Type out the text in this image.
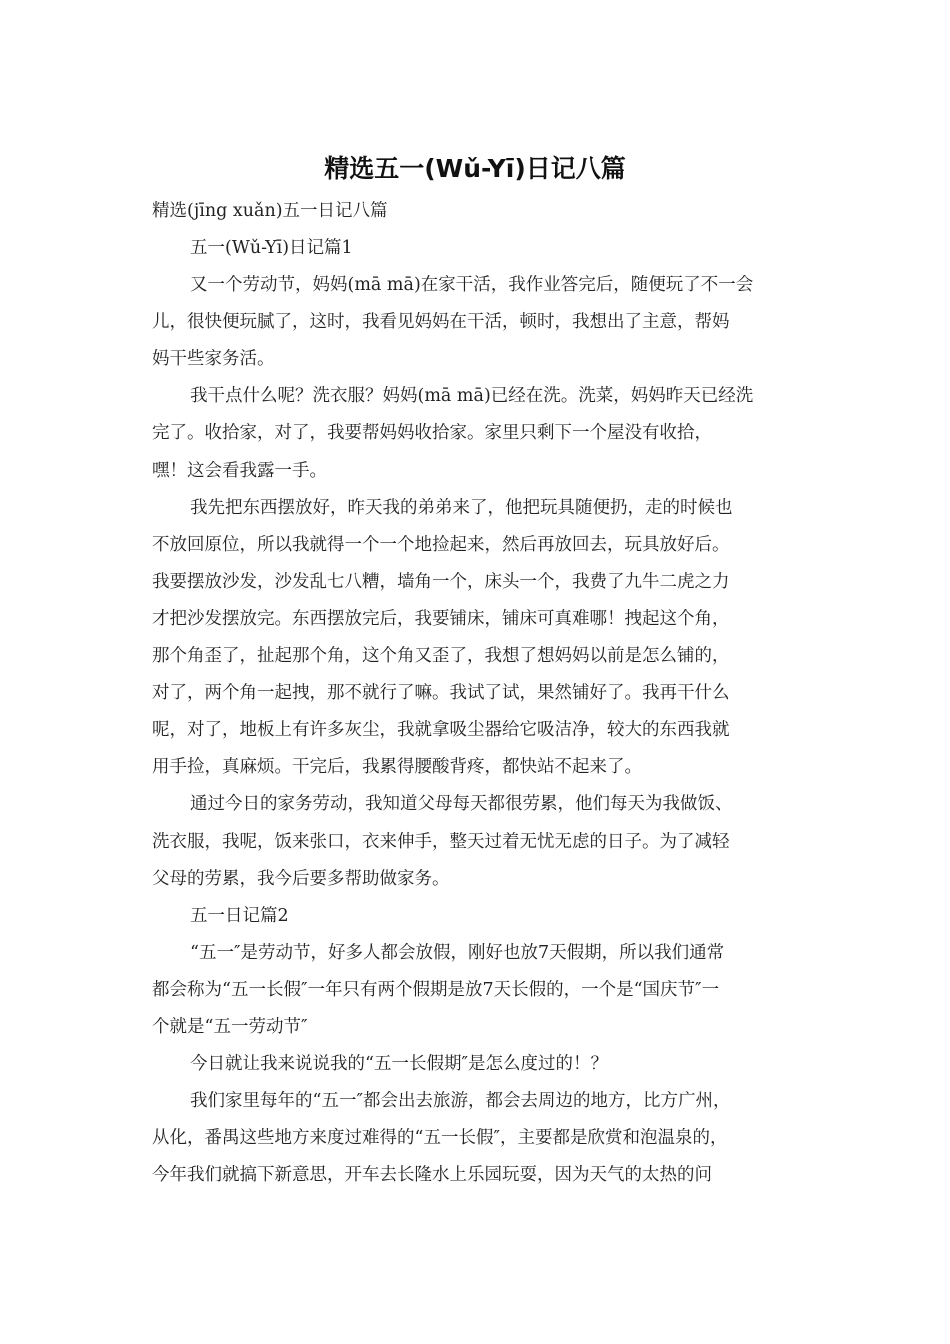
精选五一(Wǔ-Yī)日记八篇
精选(jīng xuǎn)五一日记八篇
五一(Wǔ-Yī)日记篇1
又一个劳动节，妈妈(mā mā)在家干活，我作业答完后，随便玩了不一会
儿，很快便玩腻了，这时，我看见妈妈在干活，顿时，我想出了主意，帮妈
妈干些家务活。
我干点什么呢？洗衣服？妈妈(mā mā)已经在洗。洗菜，妈妈昨天已经洗
完了。收拾家，对了，我要帮妈妈收拾家。家里只剩下一个屋没有收拾，
嘿！这会看我露一手。
我先把东西摆放好，昨天我的弟弟来了，他把玩具随便扔，走的时候也
不放回原位，所以我就得一个一个地捡起来，然后再放回去，玩具放好后。
我要摆放沙发，沙发乱七八糟，墙角一个，床头一个，我费了九牛二虎之力
才把沙发摆放完。东西摆放完后，我要铺床，铺床可真难哪！拽起这个角，
那个角歪了，扯起那个角，这个角又歪了，我想了想妈妈以前是怎么铺的，
对了，两个角一起拽，那不就行了嘛。我试了试，果然铺好了。我再干什么
呢，对了，地板上有许多灰尘，我就拿吸尘器给它吸洁净，较大的东西我就
用手捡，真麻烦。干完后，我累得腰酸背疼，都快站不起来了。
通过今日的家务劳动，我知道父母每天都很劳累，他们每天为我做饭、
洗衣服，我呢，饭来张口，衣来伸手，整天过着无忧无虑的日子。为了减轻
父母的劳累，我今后要多帮助做家务。
五一日记篇2
“五一″是劳动节，好多人都会放假，刚好也放7天假期，所以我们通常
都会称为“五一长假″一年只有两个假期是放7天长假的，一个是“国庆节″一
个就是“五一劳动节″
今日就让我来说说我的“五一长假期″是怎么度过的！？
我们家里每年的“五一″都会出去旅游，都会去周边的地方，比方广州，
从化，番禺这些地方来度过难得的“五一长假″，主要都是欣赏和泡温泉的，
今年我们就搞下新意思，开车去长隆水上乐园玩耍，因为天气的太热的问
